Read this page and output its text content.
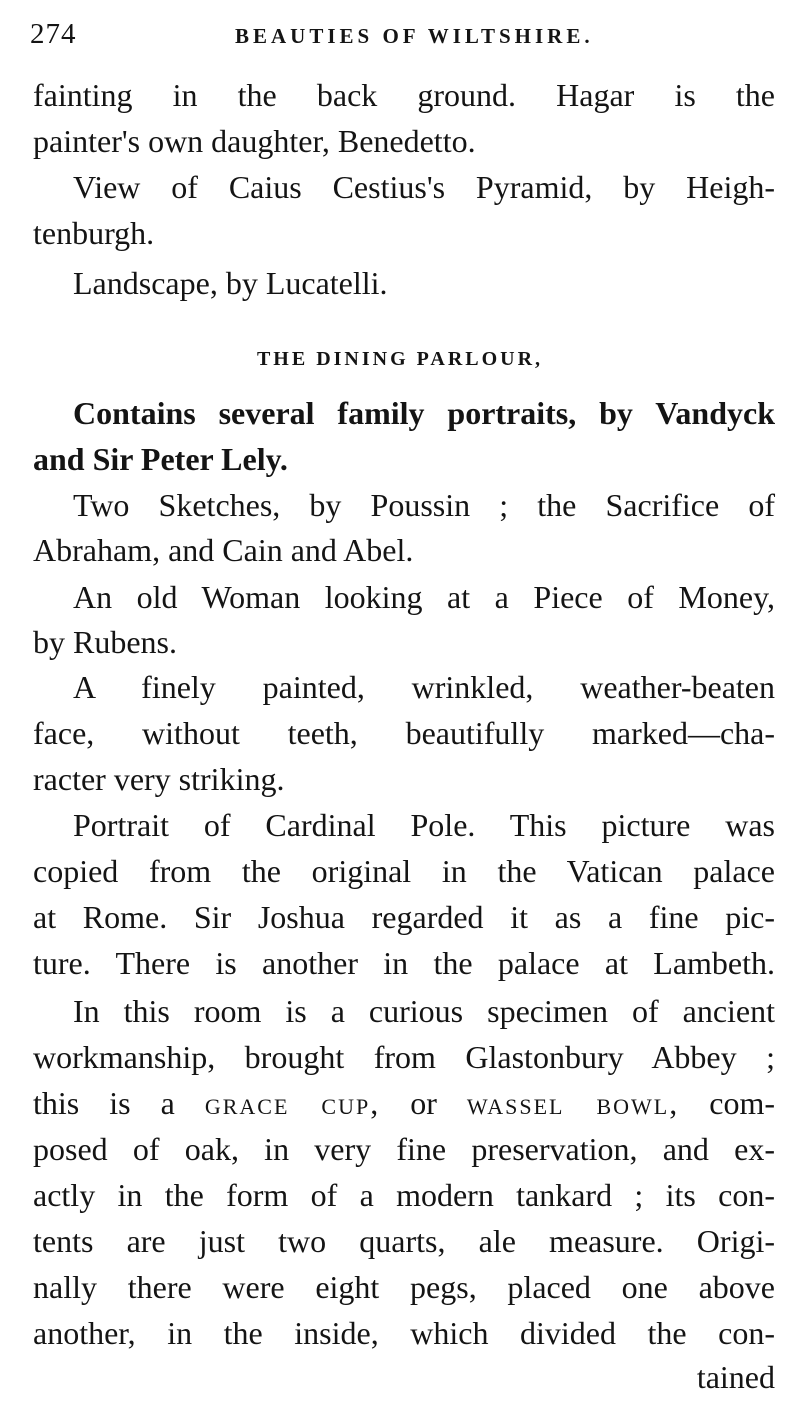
274	BEAUTIES OF WILTSHIRE.
fainting in the back ground. Hagar is the
painter's own daughter, Benedetto.
View of Caius Cestius's Pyramid, by Heigh-
tenburgh.
Landscape, by Lucatelli.
THE DINING PARLOUR,
Contains several family portraits, by Vandyck
and Sir Peter Lely.
Two Sketches, by Poussin ; the Sacrifice of
Abraham, and Cain and Abel.
An old Woman looking at a Piece of Money,
by Rubens.
A finely painted, wrinkled, weather-beaten
face, without teeth, beautifully marked—cha-
racter very striking.
Portrait of Cardinal Pole. This picture was
copied from the original in the Vatican palace
at Rome. Sir Joshua regarded it as a fine pic-
ture. There is another in the palace at Lambeth.
In this room is a curious specimen of ancient
workmanship, brought from Glastonbury Abbey ;
this is a grace cup, or wassel bowl, com-
posed of oak, in very fine preservation, and ex-
actly in the form of a modern tankard ; its con-
tents are just two quarts, ale measure. Origi-
nally there were eight pegs, placed one above
another, in the inside, which divided the con-
tained
